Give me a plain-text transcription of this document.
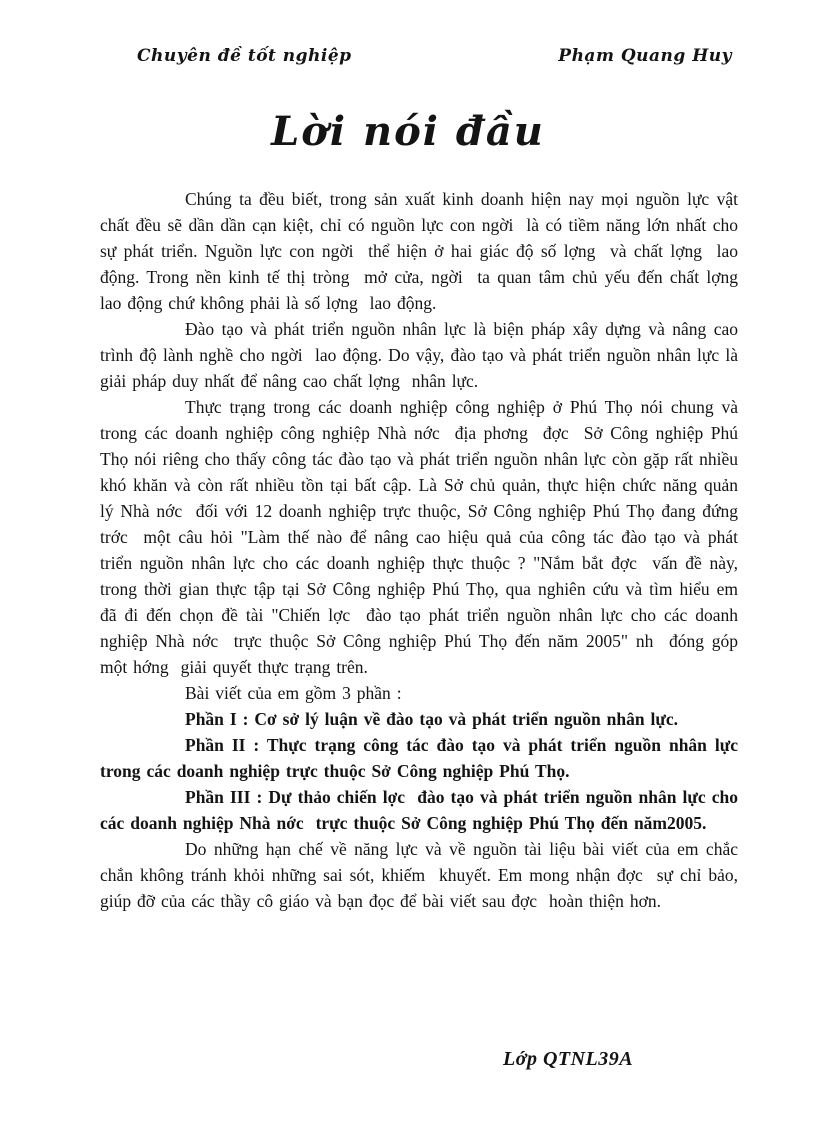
Chuyên đề tốt nghiệp	Phạm Quang Huy
Lời nói đầu

Chúng ta đều biết, trong sản xuất kinh doanh hiện nay mọi nguồn lực vật chất đều sẽ dần dần cạn kiệt, chỉ có nguồn lực con ngời  là có tiềm năng lớn nhất cho sự phát triển. Nguồn lực con ngời  thể hiện ở hai giác độ số lợng  và chất lợng  lao động. Trong nền kinh tế thị tròng  mở cửa, ngời  ta quan tâm chủ yếu đến chất lợng  lao động chứ không phải là số lợng  lao động.

Đào tạo và phát triển nguồn nhân lực là biện pháp xây dựng và nâng cao trình độ lành nghề cho ngời  lao động. Do vậy, đào tạo và phát triển nguồn nhân lực là giải pháp duy nhất để nâng cao chất lợng  nhân lực.

Thực trạng trong các doanh nghiệp công nghiệp ở Phú Thọ nói chung và trong các doanh nghiệp công nghiệp Nhà nớc  địa phơng  đợc  Sở Công nghiệp Phú Thọ nói riêng cho thấy công tác đào tạo và phát triển nguồn nhân lực còn gặp rất nhiều khó khăn và còn rất nhiều tồn tại bất cập. Là Sở chủ quản, thực hiện chức năng quản lý Nhà nớc  đối với 12 doanh nghiệp trực thuộc, Sở Công nghiệp Phú Thọ đang đứng trớc  một câu hỏi "Làm thế nào để nâng cao hiệu quả của công tác đào tạo và phát triển nguồn nhân lực cho các doanh nghiệp thực thuộc ? "Nắm bắt đợc  vấn đề này, trong thời gian thực tập tại Sở Công nghiệp Phú Thọ, qua nghiên cứu và tìm hiểu em đã đi đến chọn đề tài "Chiến lợc  đào tạo phát triển nguồn nhân lực cho các doanh nghiệp Nhà nớc  trực thuộc Sở Công nghiệp Phú Thọ đến năm 2005" nh  đóng góp một hớng  giải quyết thực trạng trên.

Bài viết của em gồm 3 phần :

Phần I : Cơ sở lý luận về đào tạo và phát triển nguồn nhân lực.

Phần II : Thực trạng công tác đào tạo và phát triển nguồn nhân lực trong các doanh nghiệp trực thuộc Sở Công nghiệp Phú Thọ.

Phần III : Dự thảo chiến lợc  đào tạo và phát triển nguồn nhân lực cho các doanh nghiệp Nhà nớc  trực thuộc Sở Công nghiệp Phú Thọ đến năm2005.

Do những hạn chế về năng lực và về nguồn tài liệu bài viết của em chắc chắn không tránh khỏi những sai sót, khiếm  khuyết. Em mong nhận đợc  sự chỉ bảo, giúp đỡ của các thầy cô giáo và bạn đọc để bài viết sau đợc  hoàn thiện hơn.

Lớp QTNL39A
